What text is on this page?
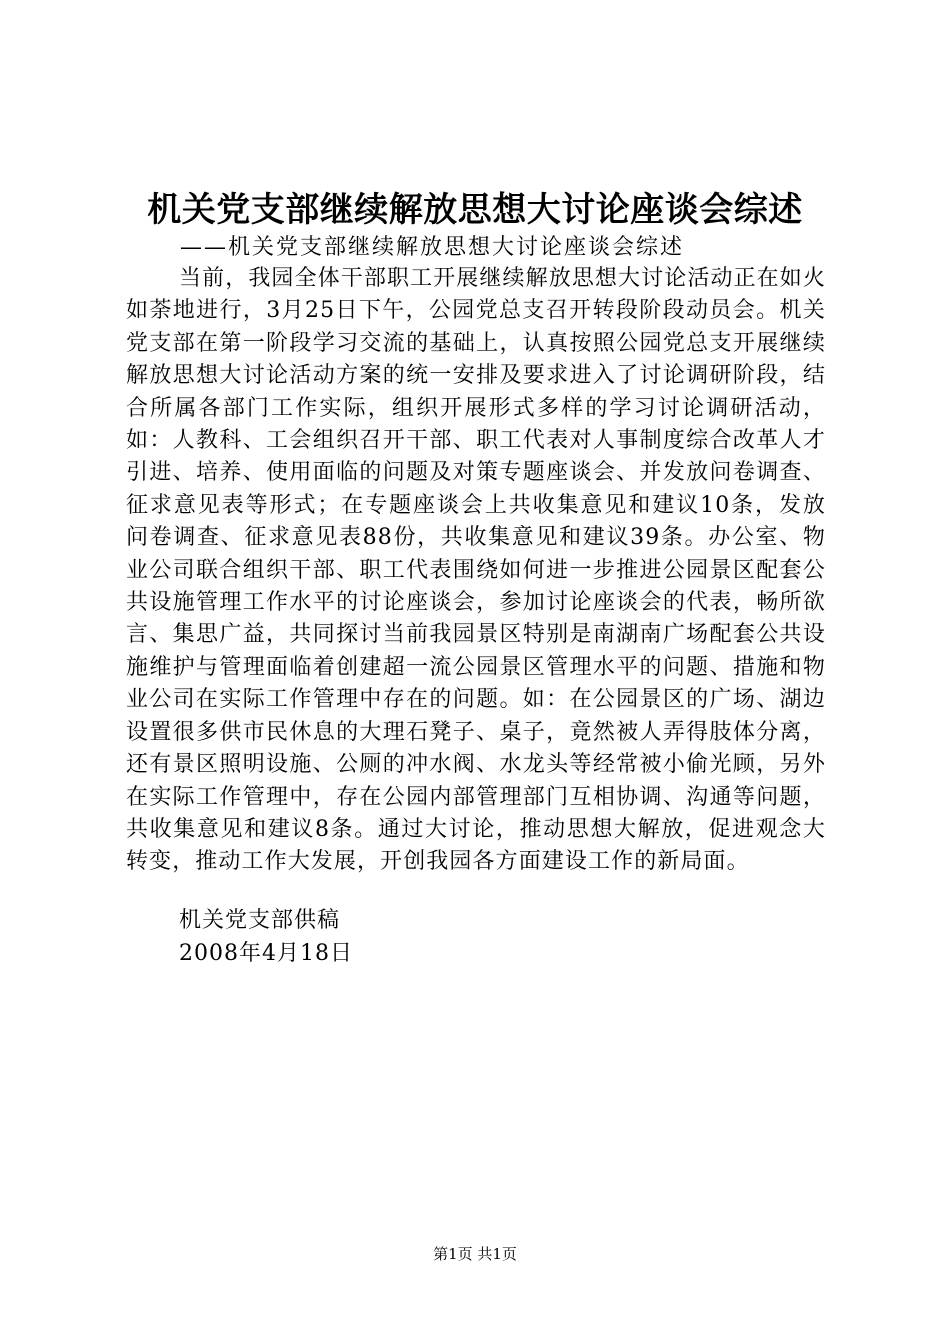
机关党支部继续解放思想大讨论座谈会综述
——机关党支部继续解放思想大讨论座谈会综述
当前，我园全体干部职工开展继续解放思想大讨论活动正在如火如荼地进行，3月25日下午，公园党总支召开转段阶段动员会。机关党支部在第一阶段学习交流的基础上，认真按照公园党总支开展继续解放思想大讨论活动方案的统一安排及要求进入了讨论调研阶段，结合所属各部门工作实际，组织开展形式多样的学习讨论调研活动，如：人教科、工会组织召开干部、职工代表对人事制度综合改革人才引进、培养、使用面临的问题及对策专题座谈会、并发放问卷调查、征求意见表等形式；在专题座谈会上共收集意见和建议10条，发放问卷调查、征求意见表88份，共收集意见和建议39条。办公室、物业公司联合组织干部、职工代表围绕如何进一步推进公园景区配套公共设施管理工作水平的讨论座谈会，参加讨论座谈会的代表，畅所欲言、集思广益，共同探讨当前我园景区特别是南湖南广场配套公共设施维护与管理面临着创建超一流公园景区管理水平的问题、措施和物业公司在实际工作管理中存在的问题。如：在公园景区的广场、湖边设置很多供市民休息的大理石凳子、桌子，竟然被人弄得肢体分离，还有景区照明设施、公厕的冲水阀、水龙头等经常被小偷光顾，另外在实际工作管理中，存在公园内部管理部门互相协调、沟通等问题，共收集意见和建议8条。通过大讨论，推动思想大解放，促进观念大转变，推动工作大发展，开创我园各方面建设工作的新局面。
机关党支部供稿
2008年4月18日
第1页 共1页
